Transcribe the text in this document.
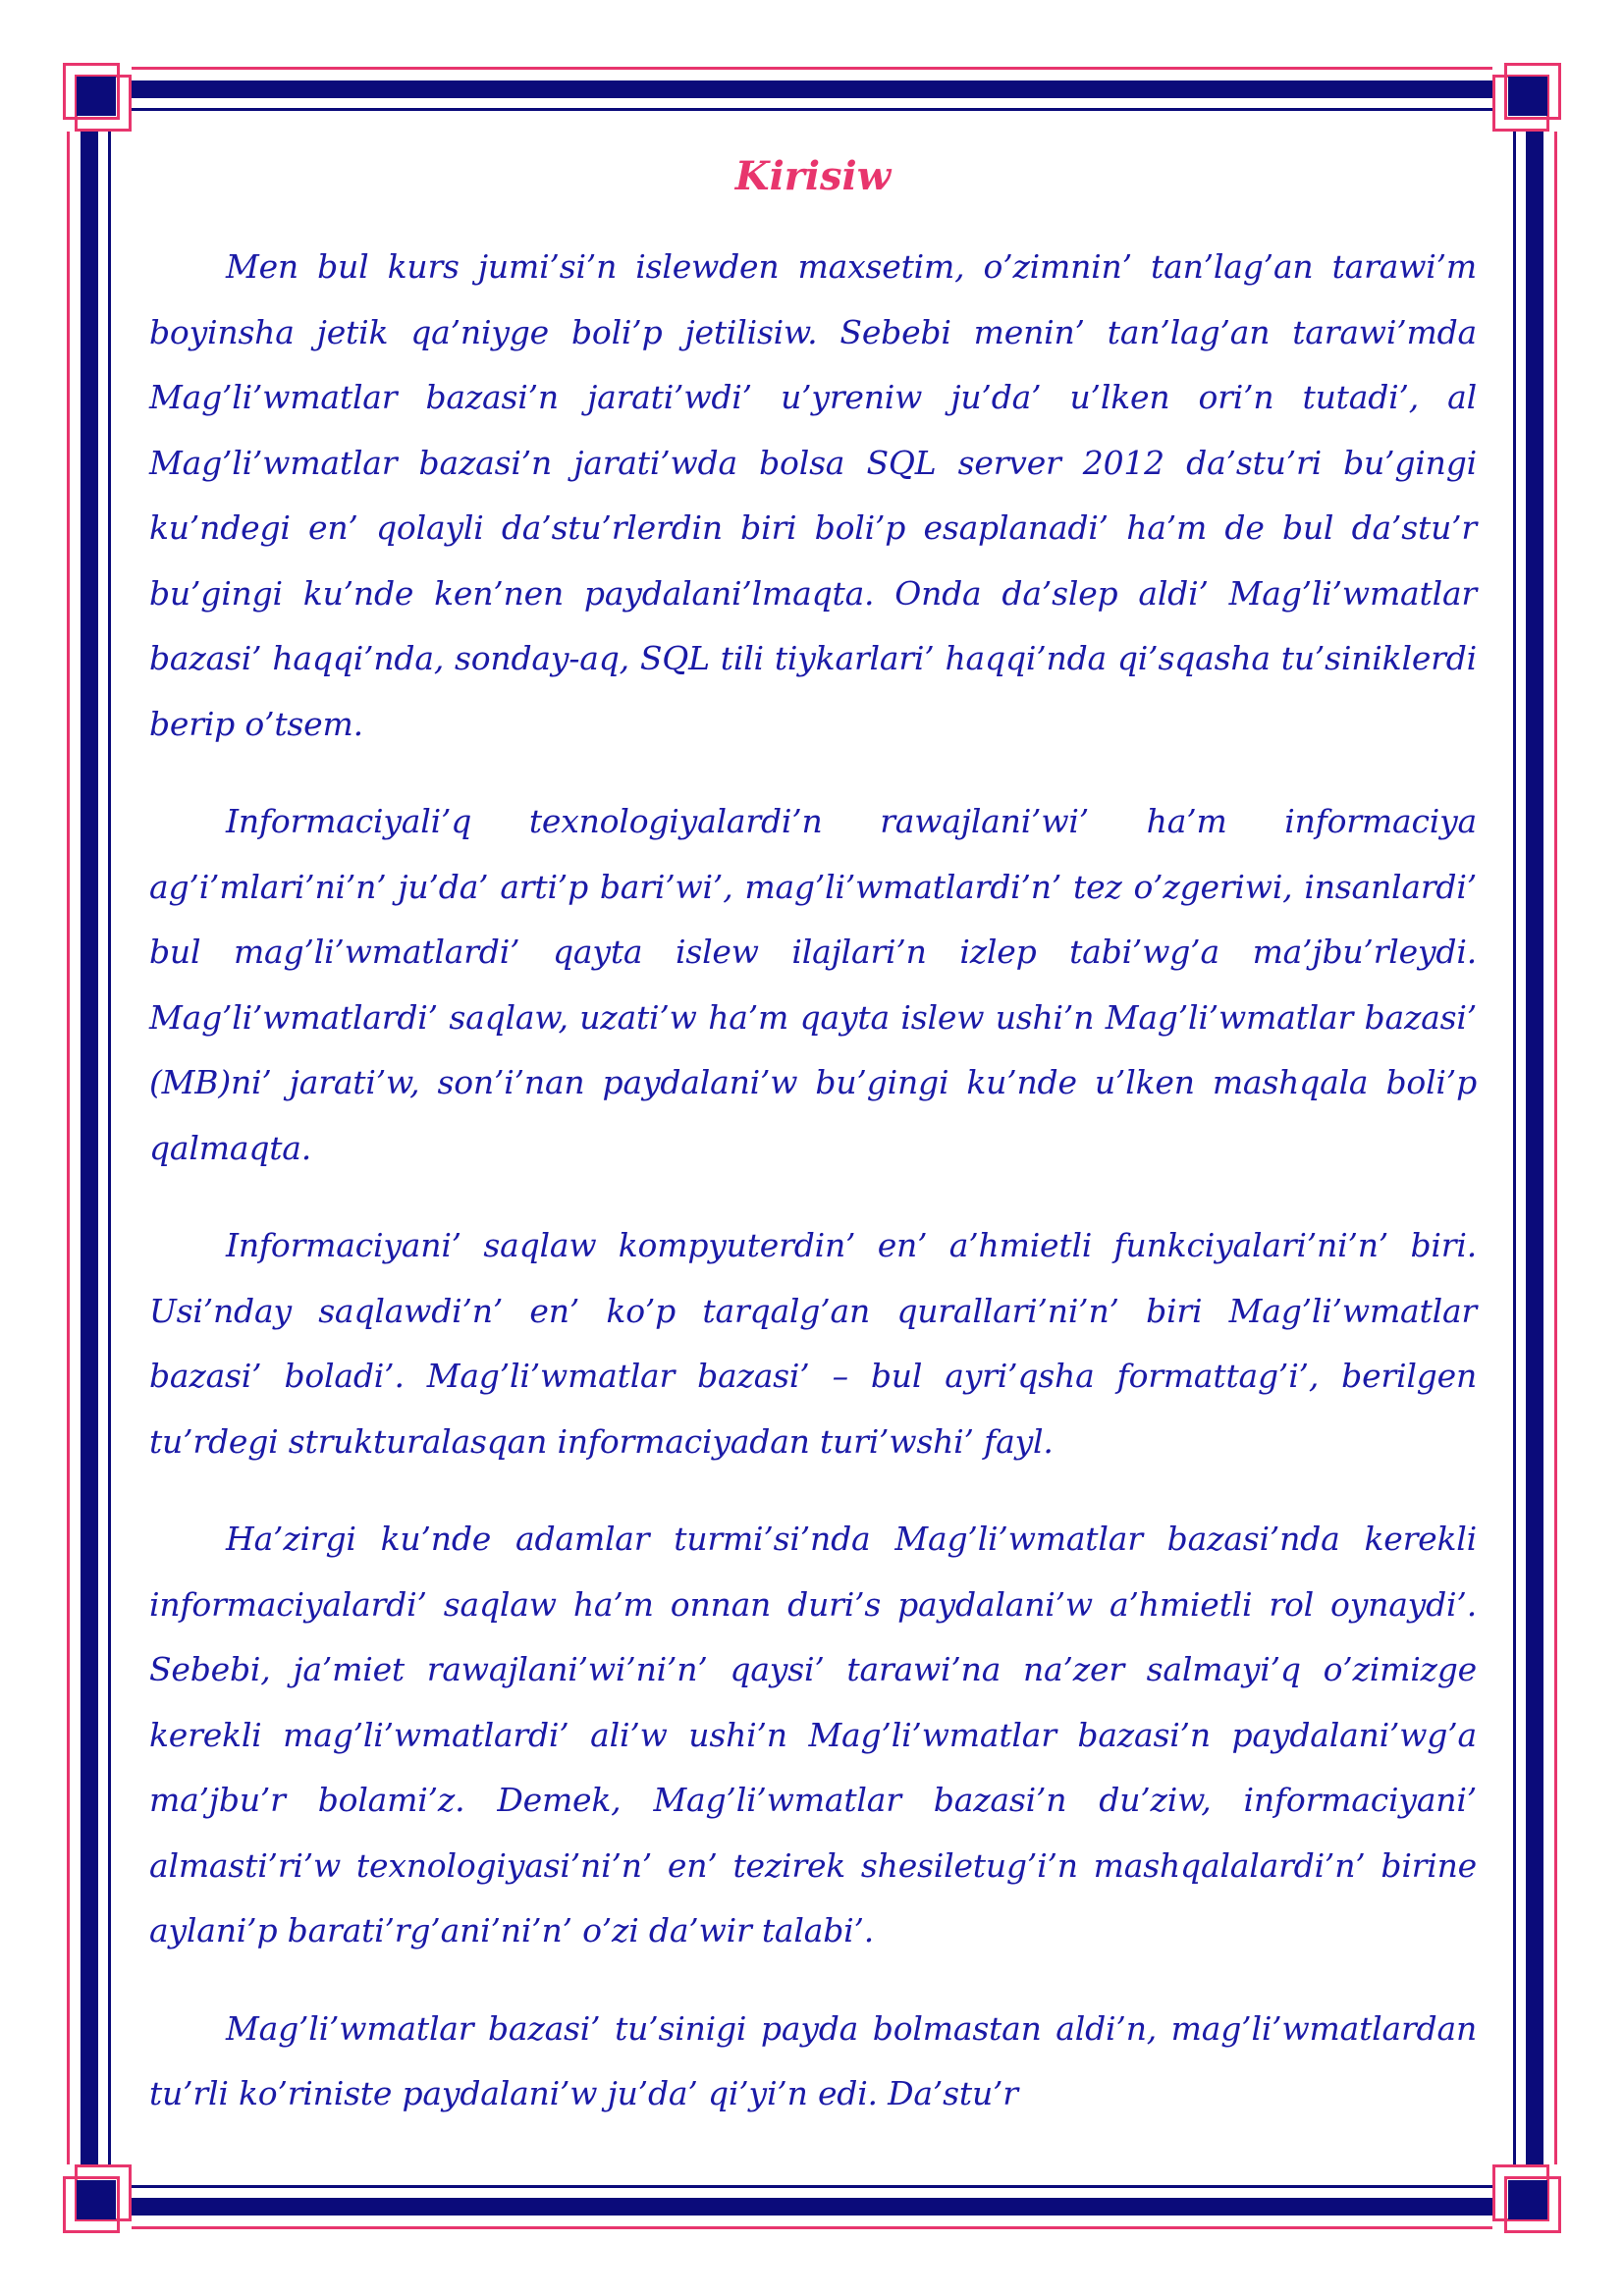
Kirisiw

Men bul kurs jumi’si’n islewden maxsetim, o’zimnin’ tan’lag’an tarawi’m boyinsha jetik qa’niyge boli’p jetilisiw. Sebebi menin’ tan’lag’an tarawi’mda Mag’li’wmatlar bazasi’n jarati’wdi’ u’yreniw ju’da’ u’lken ori’n tutadi’, al Mag’li’wmatlar bazasi’n jarati’wda bolsa SQL server 2012 da’stu’ri bu’gingi ku’ndegi en’ qolayli da’stu’rlerdin biri boli’p esaplanadi’ ha’m de bul da’stu’r bu’gingi ku’nde ken’nen paydalani’lmaqta. Onda da’slep aldi’ Mag’li’wmatlar bazasi’ haqqi’nda, sonday-aq, SQL tili tiykarlari’ haqqi’nda qi’sqasha tu’siniklerdi berip o’tsem.

Informaciyali’q texnologiyalardi’n rawajlani’wi’ ha’m informaciya ag’i’mlari’ni’n’ ju’da’ arti’p bari’wi’, mag’li’wmatlardi’n’ tez o’zgeriwi, insanlardi’ bul mag’li’wmatlardi’ qayta islew ilajlari’n izlep tabi’wg’a ma’jbu’rleydi. Mag’li’wmatlardi’ saqlaw, uzati’w ha’m qayta islew ushi’n Mag’li’wmatlar bazasi’ (MB)ni’ jarati’w, son’i’nan paydalani’w bu’gingi ku’nde u’lken mashqala boli’p qalmaqta.

Informaciyani’ saqlaw kompyuterdin’ en’ a’hmietli funkciyalari’ni’n’ biri. Usi’nday saqlawdi’n’ en’ ko’p tarqalg’an qurallari’ni’n’ biri Mag’li’wmatlar bazasi’ boladi’. Mag’li’wmatlar bazasi’ – bul ayri’qsha formattag’i’, berilgen tu’rdegi strukturalasqan informaciyadan turi’wshi’ fayl.

Ha’zirgi ku’nde adamlar turmi’si’nda Mag’li’wmatlar bazasi’nda kerekli informaciyalardi’ saqlaw ha’m onnan duri’s paydalani’w a’hmietli rol oynaydi’. Sebebi, ja’miet rawajlani’wi’ni’n’ qaysi’ tarawi’na na’zer salmayi’q o’zimizge kerekli mag’li’wmatlardi’ ali’w ushi’n Mag’li’wmatlar bazasi’n paydalani’wg’a ma’jbu’r bolami’z. Demek, Mag’li’wmatlar bazasi’n du’ziw, informaciyani’ almasti’ri’w texnologiyasi’ni’n’ en’ tezirek shesiletug’i’n mashqalalardi’n’ birine aylani’p barati’rg’ani’ni’n’ o’zi da’wir talabi’.

Mag’li’wmatlar bazasi’ tu’sinigi payda bolmastan aldi’n, mag’li’wmatlardan tu’rli ko’riniste paydalani’w ju’da’ qi’yi’n edi. Da’stu’r
